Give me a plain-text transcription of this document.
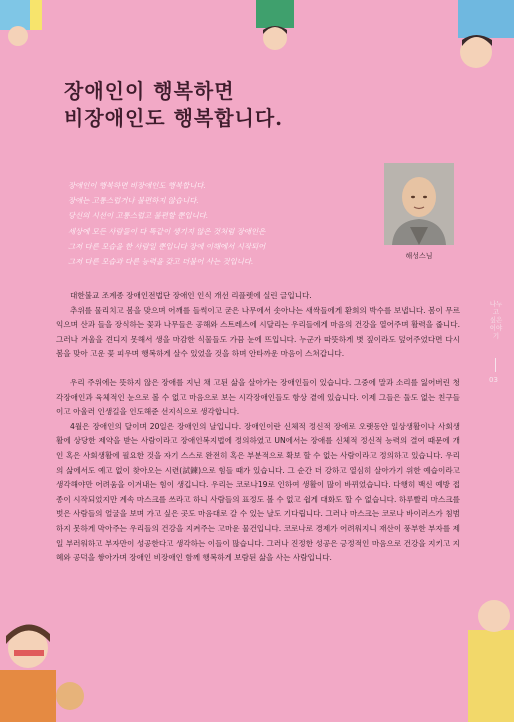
장애인이 행복하면
비장애인도 행복합니다.
장애인이 행복하면 비장애인도 행복합니다.
장애는 고통스럽거나 불편하지 않습니다.
당신의 시선이 고통스럽고 불편할 뿐입니다.
세상에 모든 사람들이 다 똑같이 생기지 않은 것처럼 장애인은
그저 다른 모습을 한 사람일 뿐입니다 장애 이해에서 시작되어
그저 다른 모습과 다른 능력을 갖고 더불어 사는 것입니다.
해성스님
나누고 싶은 이야기
03

대한불교 조계종 장애인전법단 장애인 인식 개선 리플렛에 실린 글입니다.

추위를 물리치고 봄을 맞으며 어깨를 들썩이고 굳은 나무에서 솟아나는 새싹들에게 환희의 박수를 보냅니다. 봄이 무르익으며 산과 들을 장식하는 꽃과 나무들은 공해와 스트레스에 시달리는 우리들에게 마음의 건강을 열어주며 활력을 줍니다. 그러나 겨울을 견디지 못해서 생을 마감한 식물들도 가끔 눈에 뜨입니다. 누군가 따뜻하게 볏 짚이라도 덮어주었다면 다시 봄을 맞아 고운 꽃 피우며 행복하게 살수 있었을 것을 하며 안타까운 마음이 스쳐갑니다.

우리 주위에는 뜻하지 않은 장애를 지닌 채 고된 삶을 살아가는 장애인들이 있습니다. 그중에 말과 소리를 잃어버린 청각장애인과 육체적인 눈으로 볼 수 없고 마음으로 보는 시각장애인들도 항상 곁에 있습니다. 이제 그들은 둘도 없는 친구들이고 아울러 인생길을 인도해준 선지식으로 생각합니다.

4월은 장애인의 달이며 20일은 장애인의 날입니다. 장애인이란 신체적 정신적 장애로 오랫동안 일상생활이나 사회생활에 상당한 제약을 받는 사람이라고 장애인복지법에 정의하였고 UN에서는 장애를 신체적 정신적 능력의 결여 때문에 개인 혹은 사회생활에 필요한 것을 자기 스스로 완전히 혹은 부분적으로 확보 할 수 없는 사람이라고 정의하고 있습니다. 우리의 삶에서도 예고 없이 찾아오는 시련(試鍊)으로 힘들 때가 있습니다. 그 순간 더 강하고 열심히 살아가기 위한 예습이라고 생각해야만 어려움을 이겨내는 힘이 생깁니다. 우리는 코로나19로 인하여 생활이 많이 바뀌었습니다. 다행히 백신 예방 접종이 시작되었지만 계속 마스크를 쓰라고 하니 사람들의 표정도 볼 수 없고 쉽게 대화도 할 수 없습니다. 하루빨리 마스크를 벗은 사람들의 얼굴을 보며 가고 싶은 곳도 마음대로 갈 수 있는 날도 기다립니다. 그러나 마스크는 코로나 바이러스가 침범하지 못하게 막아주는 우리들의 건강을 지켜주는 고마운 물건입니다. 코로나로 경제가 어려워지니 재산이 풍부한 부자를 제일 부러워하고 부자만이 성공한다고 생각하는 이들이 많습니다. 그러나 진정한 성공은 긍정적인 마음으로 건강을 지키고 지혜와 공덕을 쌓아가며 장애인 비장애인 함께 행복하게 보람된 삶을 사는 사람입니다.
